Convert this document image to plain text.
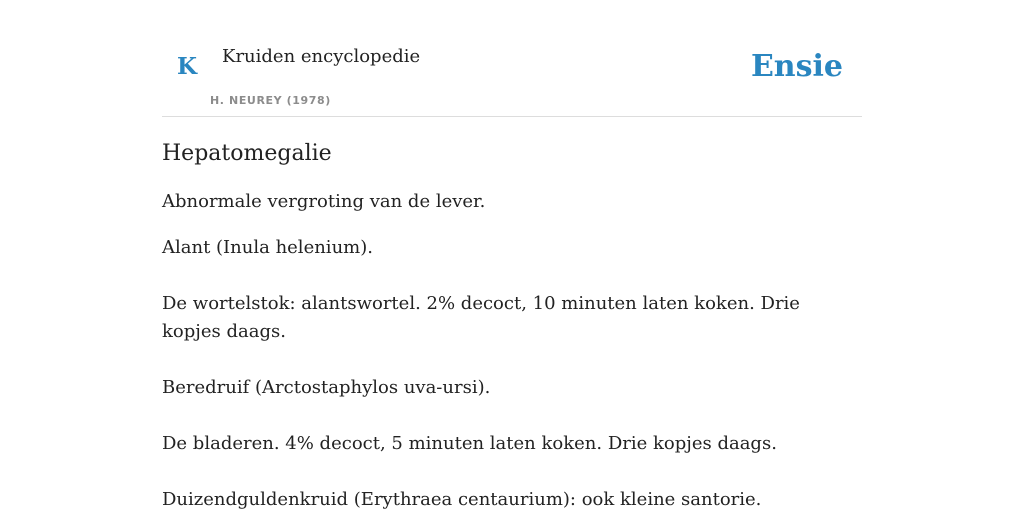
K Kruiden encyclopedie
H. NEUREY (1978)
Ensie
Hepatomegalie

Abnormale vergroting van de lever.

Alant (Inula helenium).

De wortelstok: alantswortel. 2% decoct, 10 minuten laten koken. Drie kopjes daags.

Beredruif (Arctostaphylos uva-ursi).

De bladeren. 4% decoct, 5 minuten laten koken. Drie kopjes daags.

Duizendguldenkruid (Erythraea centaurium): ook kleine santorie.
